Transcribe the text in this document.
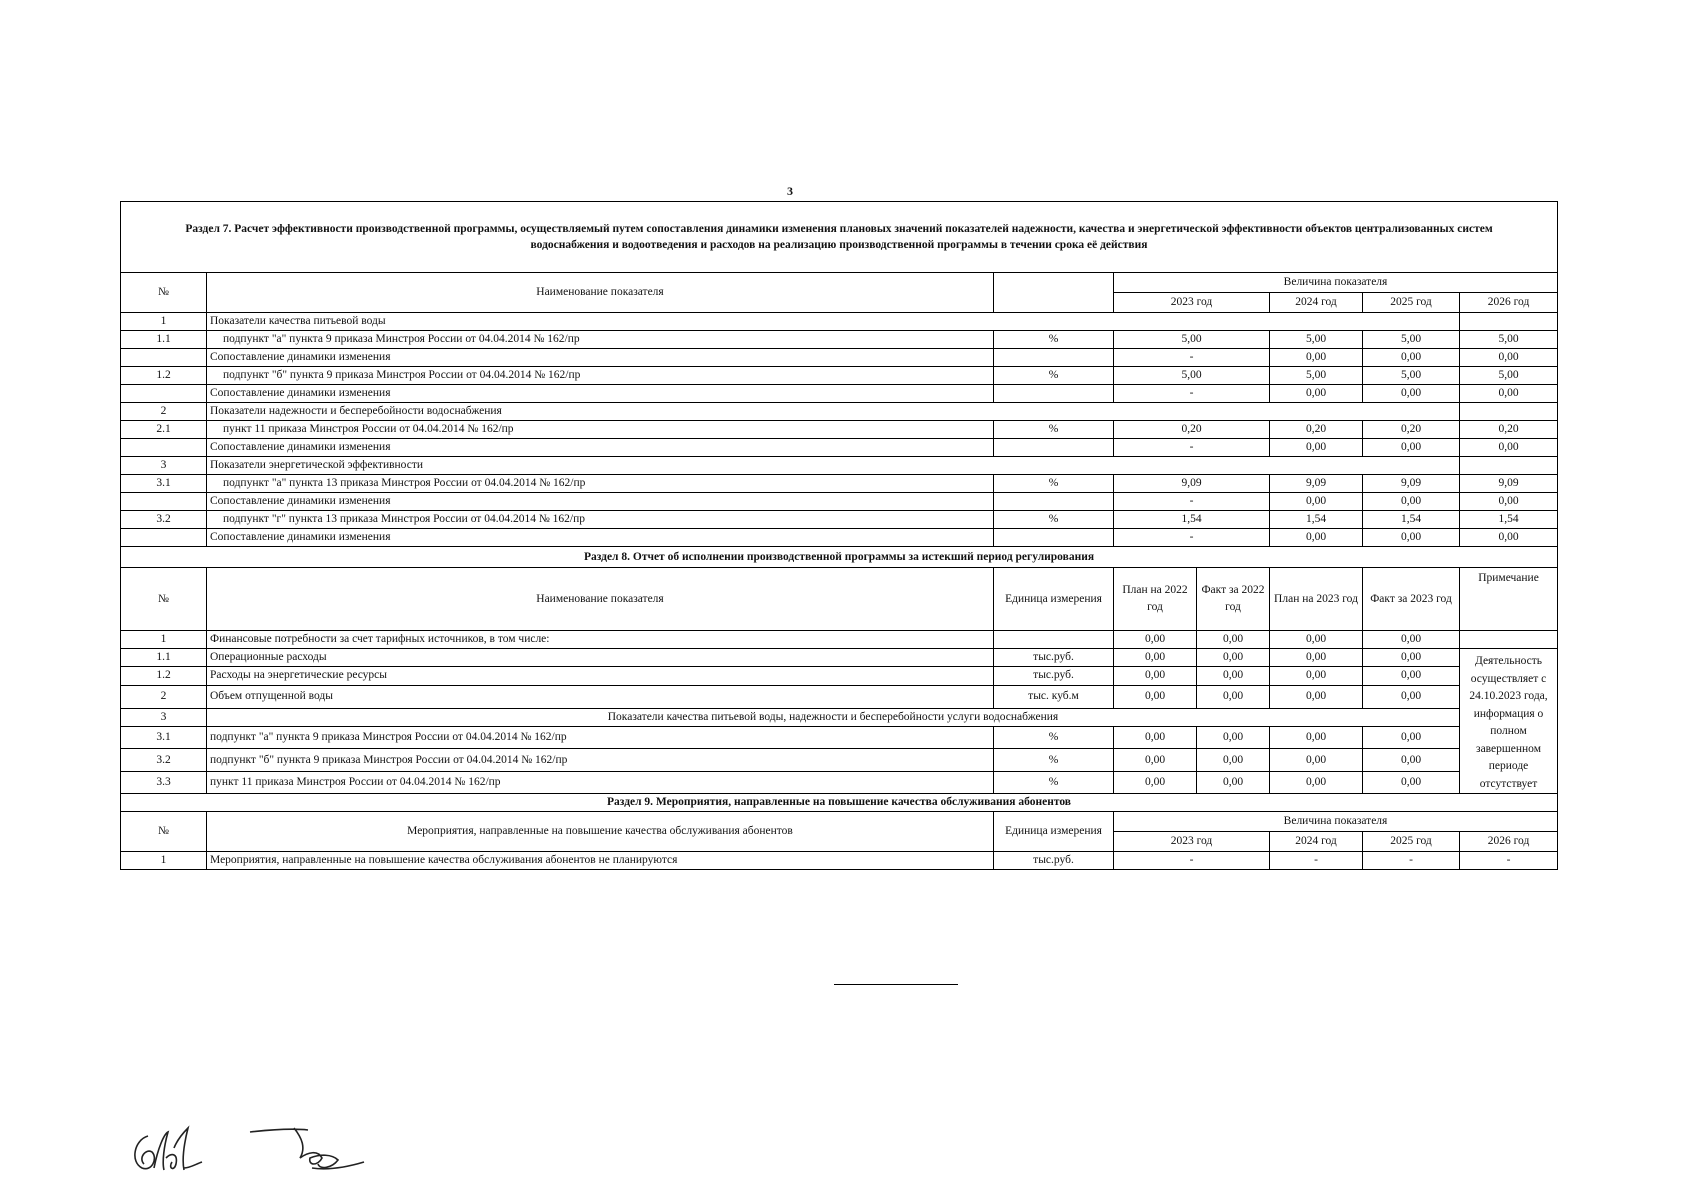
3
Раздел 7. Расчет эффективности производственной программы, осуществляемый путем сопоставления динамики изменения плановых значений показателей надежности, качества и энергетической эффективности объектов централизованных систем водоснабжения и водоотведения и расходов на реализацию производственной программы в течении срока её действия							
№	Наименование показателя		Величина показателя				
			2023 год		2024 год	2025 год	2026 год
1	Показатели качества питьевой воды						
1.1	подпункт "а" пункта 9 приказа Минстроя России от 04.04.2014 № 162/пр	%	5,00		5,00	5,00	5,00
	Сопоставление динамики изменения		-		0,00	0,00	0,00
1.2	подпункт "б" пункта 9 приказа Минстроя России от 04.04.2014 № 162/пр	%	5,00		5,00	5,00	5,00
	Сопоставление динамики изменения		-		0,00	0,00	0,00
2	Показатели надежности и бесперебойности водоснабжения						
2.1	пункт 11 приказа Минстроя России от 04.04.2014 № 162/пр	%	0,20		0,20	0,20	0,20
	Сопоставление динамики изменения		-		0,00	0,00	0,00
3	Показатели энергетической эффективности						
3.1	подпункт "а" пункта 13 приказа Минстроя России от 04.04.2014 № 162/пр	%	9,09		9,09	9,09	9,09
	Сопоставление динамики изменения		-		0,00	0,00	0,00
3.2	подпункт "г" пункта 13 приказа Минстроя России от 04.04.2014 № 162/пр	%	1,54		1,54	1,54	1,54
	Сопоставление динамики изменения		-		0,00	0,00	0,00
Раздел 8. Отчет об исполнении производственной программы за истекший период регулирования							
№	Наименование показателя	Единица измерения	План на 2022 год	Факт за 2022 год	План на 2023 год	Факт за 2023 год	Примечание
1	Финансовые потребности за счет тарифных источников, в том числе:		0,00	0,00	0,00	0,00	
1.1	Операционные расходы	тыс.руб.	0,00	0,00	0,00	0,00	Деятельность осуществляет с 24.10.2023 года, информация о полном завершенном периоде отсутствует
1.2	Расходы на энергетические ресурсы	тыс.руб.	0,00	0,00	0,00	0,00	
2	Объем отпущенной воды	тыс. куб.м	0,00	0,00	0,00	0,00	
3	Показатели качества питьевой воды, надежности и бесперебойности услуги водоснабжения						
3.1	подпункт "а" пункта 9 приказа Минстроя России от 04.04.2014 № 162/пр	%	0,00	0,00	0,00	0,00	
3.2	подпункт "б" пункта 9 приказа Минстроя России от 04.04.2014 № 162/пр	%	0,00	0,00	0,00	0,00	
3.3	пункт 11 приказа Минстроя России от 04.04.2014 № 162/пр	%	0,00	0,00	0,00	0,00	
Раздел 9. Мероприятия, направленные на повышение качества обслуживания абонентов							
№	Мероприятия, направленные на повышение качества обслуживания абонентов	Единица измерения	Величина показателя				
			2023 год		2024 год	2025 год	2026 год
1	Мероприятия, направленные на повышение качества обслуживания абонентов не планируются	тыс.руб.	-		-	-	-
